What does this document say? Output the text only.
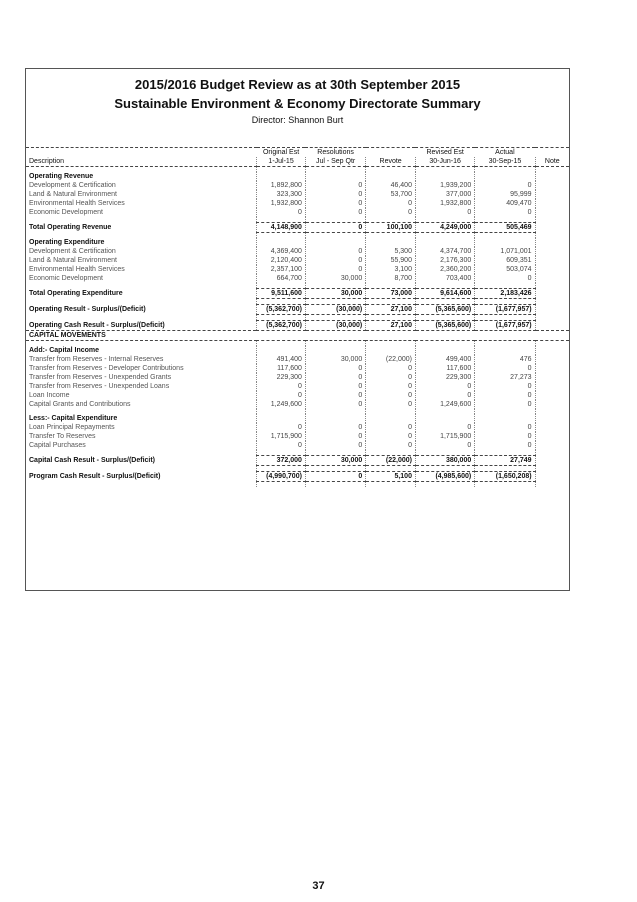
2015/2016 Budget Review as at 30th September 2015
Sustainable Environment & Economy Directorate Summary
Director: Shannon Burt
	Original Est	Resolutions		Revised Est	Actual	
Description	1-Jul-15	Jul - Sep Qtr	Revote	30-Jun-16	30-Sep-15	Note

Operating Revenue						
Development & Certification	1,892,800	0	46,400	1,939,200	0	
Land & Natural Environment	323,300	0	53,700	377,000	95,999	
Environmental Health Services	1,932,800	0	0	1,932,800	409,470	
Economic Development	0	0	0	0	0	

Total Operating Revenue	4,148,900	0	100,100	4,249,000	505,469	

Operating Expenditure						
Development & Certification	4,369,400	0	5,300	4,374,700	1,071,001	
Land & Natural Environment	2,120,400	0	55,900	2,176,300	609,351	
Environmental Health Services	2,357,100	0	3,100	2,360,200	503,074	
Economic Development	664,700	30,000	8,700	703,400	0	

Total Operating Expenditure	9,511,600	30,000	73,000	9,614,600	2,183,426	

Operating Result - Surplus/(Deficit)	(5,362,700)	(30,000)	27,100	(5,365,600)	(1,677,957)	

Operating Cash Result - Surplus/(Deficit)	(5,362,700)	(30,000)	27,100	(5,365,600)	(1,677,957)	
CAPITAL MOVEMENTS						

Add:- Capital Income						
Transfer from Reserves - Internal Reserves	491,400	30,000	(22,000)	499,400	476	
Transfer from Reserves - Developer Contributions	117,600	0	0	117,600	0	
Transfer from Reserves - Unexpended Grants	229,300	0	0	229,300	27,273	
Transfer from Reserves - Unexpended Loans	0	0	0	0	0	
Loan Income	0	0	0	0	0	
Capital Grants and Contributions	1,249,600	0	0	1,249,600	0	

Less:- Capital Expenditure						
Loan Principal Repayments	0	0	0	0	0	
Transfer To Reserves	1,715,900	0	0	1,715,900	0	
Capital Purchases	0	0	0	0	0	

Capital Cash Result - Surplus/(Deficit)	372,000	30,000	(22,000)	380,000	27,749	

Program Cash Result - Surplus/(Deficit)	(4,990,700)	0	5,100	(4,985,600)	(1,650,208)	

37
